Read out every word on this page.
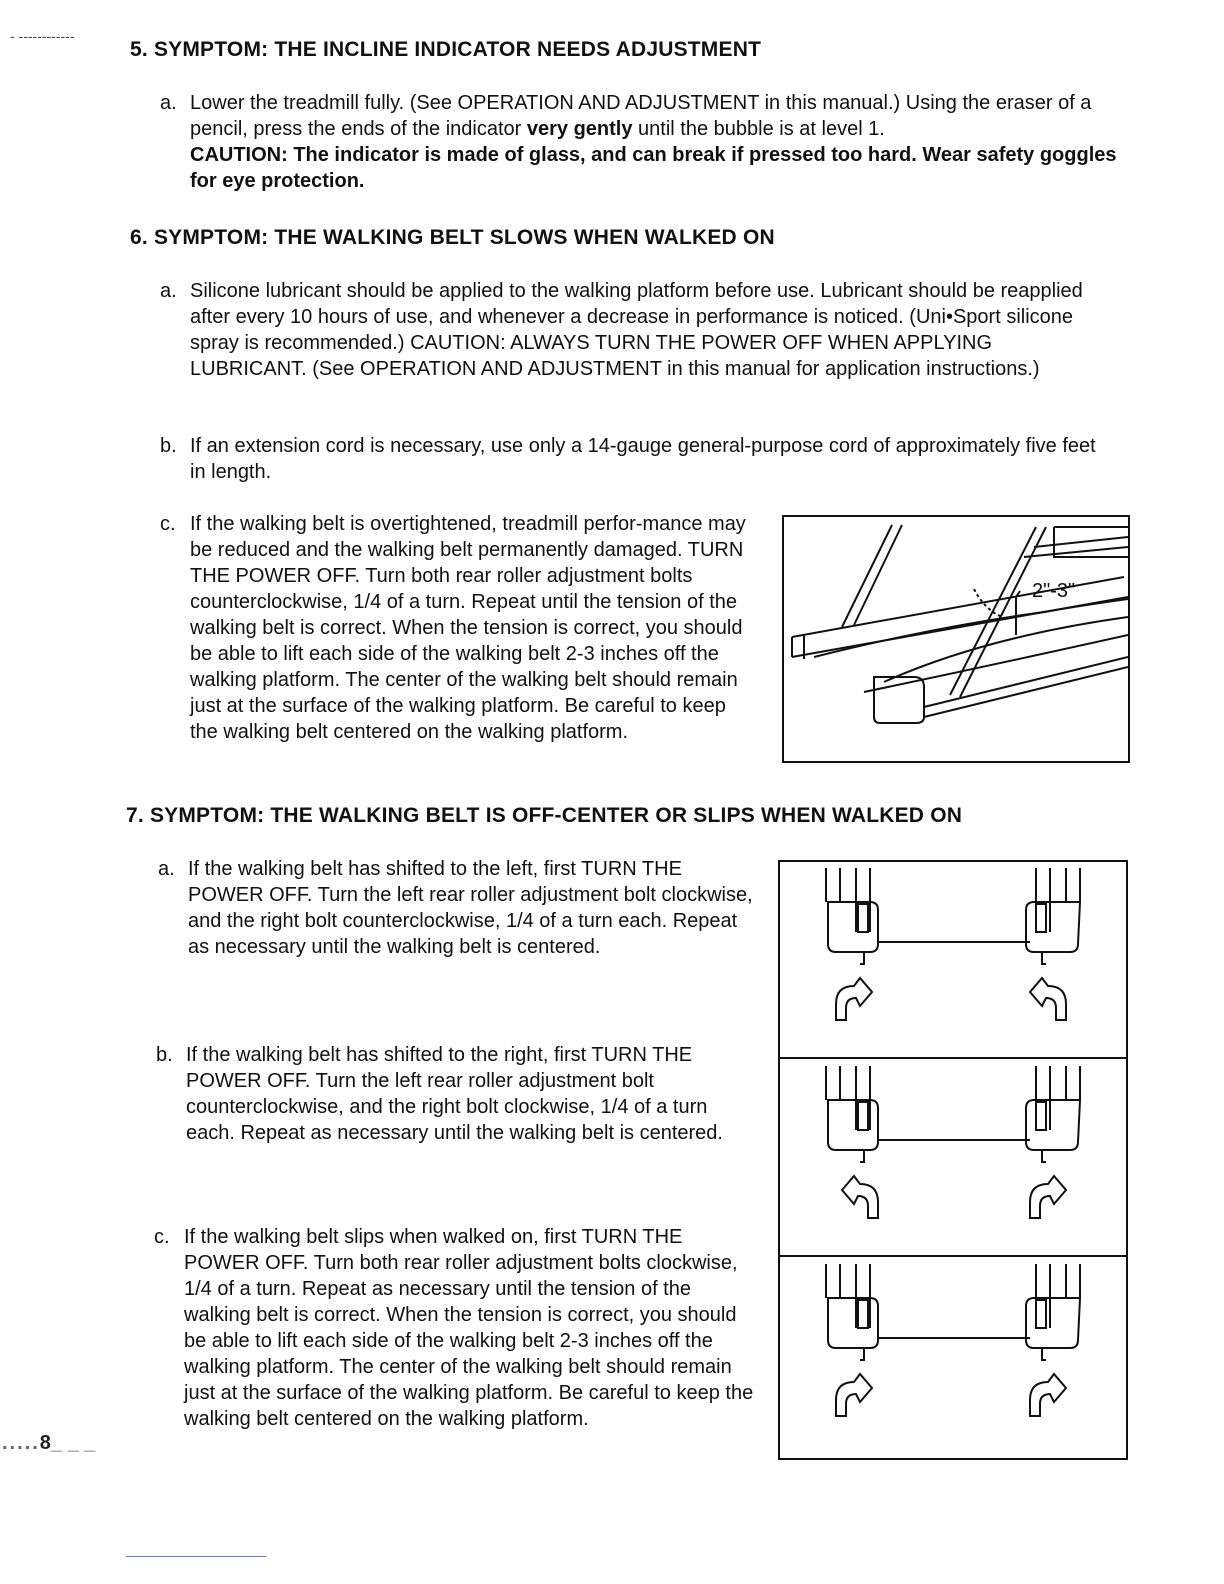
5. SYMPTOM: THE INCLINE INDICATOR NEEDS ADJUSTMENT
a. Lower the treadmill fully. (See OPERATION AND ADJUSTMENT in this manual.) Using the eraser of a pencil, press the ends of the indicator very gently until the bubble is at level 1.
CAUTION: The indicator is made of glass, and can break if pressed too hard. Wear safety goggles for eye protection.
6. SYMPTOM: THE WALKING BELT SLOWS WHEN WALKED ON
a. Silicone lubricant should be applied to the walking platform before use. Lubricant should be reapplied after every 10 hours of use, and whenever a decrease in performance is noticed. (Uni•Sport silicone spray is recommended.) CAUTION: ALWAYS TURN THE POWER OFF WHEN APPLYING LUBRICANT. (See OPERATION AND ADJUSTMENT in this manual for application instructions.)
b. If an extension cord is necessary, use only a 14-gauge general-purpose cord of approximately five feet in length.
c. If the walking belt is overtightened, treadmill perfor-mance may be reduced and the walking belt permanently damaged. TURN THE POWER OFF. Turn both rear roller adjustment bolts counterclockwise, 1/4 of a turn. Repeat until the tension of the walking belt is correct. When the tension is correct, you should be able to lift each side of the walking belt 2-3 inches off the walking platform. The center of the walking belt should remain just at the surface of the walking platform. Be careful to keep the walking belt centered on the walking platform.
2"-3"
7. SYMPTOM: THE WALKING BELT IS OFF-CENTER OR SLIPS WHEN WALKED ON
a. If the walking belt has shifted to the left, first TURN THE POWER OFF. Turn the left rear roller adjustment bolt clockwise, and the right bolt counterclockwise, 1/4 of a turn each. Repeat as necessary until the walking belt is centered.
b. If the walking belt has shifted to the right, first TURN THE POWER OFF. Turn the left rear roller adjustment bolt counterclockwise, and the right bolt clockwise, 1/4 of a turn each. Repeat as necessary until the walking belt is centered.
c. If the walking belt slips when walked on, first TURN THE POWER OFF. Turn both rear roller adjustment bolts clockwise, 1/4 of a turn. Repeat as necessary until the tension of the walking belt is correct. When the tension is correct, you should be able to lift each side of the walking belt 2-3 inches off the walking platform. The center of the walking belt should remain just at the surface of the walking platform. Be careful to keep the walking belt centered on the walking platform.
.....8_ _ _
- ------------
